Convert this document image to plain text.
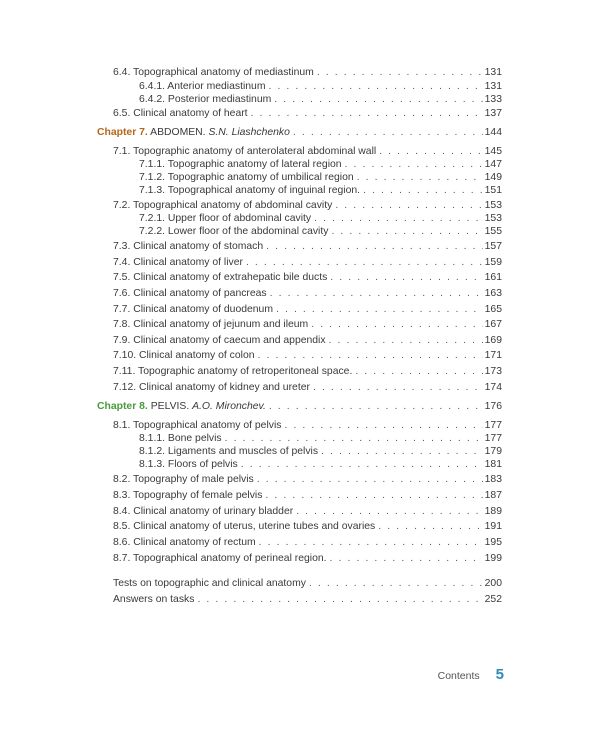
6.4. Topographical anatomy of mediastinum . . .	131
6.4.1. Anterior mediastinum . . .	131
6.4.2. Posterior mediastinum . . .	133
6.5. Clinical anatomy of heart . . .	137
Chapter 7. ABDOMEN. S.N. Liashchenko . . .	144
7.1. Topographic anatomy of anterolateral abdominal wall . . .	145
7.1.1. Topographic anatomy of lateral region . . .	147
7.1.2. Topographic anatomy of umbilical region . . .	149
7.1.3. Topographical anatomy of inguinal region. . . .	151
7.2. Topographical anatomy of abdominal cavity . . .	153
7.2.1. Upper floor of abdominal cavity . . .	153
7.2.2. Lower floor of the abdominal cavity . . .	155
7.3. Clinical anatomy of stomach . . .	157
7.4. Clinical anatomy of liver . . .	159
7.5. Clinical anatomy of extrahepatic bile ducts . . .	161
7.6. Clinical anatomy of pancreas . . .	163
7.7. Clinical anatomy of duodenum . . .	165
7.8. Clinical anatomy of jejunum and ileum . . .	167
7.9. Clinical anatomy of caecum and appendix . . .	169
7.10. Clinical anatomy of colon . . .	171
7.11. Topographic anatomy of retroperitoneal space. . . .	173
7.12. Clinical anatomy of kidney and ureter . . .	174
Chapter 8. PELVIS. A.O. Mironchev. . . .	176
8.1. Topographical anatomy of pelvis . . .	177
8.1.1. Bone pelvis . . .	177
8.1.2. Ligaments and muscles of pelvis . . .	179
8.1.3. Floors of pelvis . . .	181
8.2. Topography of male pelvis . . .	183
8.3. Topography of female pelvis . . .	187
8.4. Clinical anatomy of urinary bladder . . .	189
8.5. Clinical anatomy of uterus, uterine tubes and ovaries . . .	191
8.6. Clinical anatomy of rectum . . .	195
8.7. Topographical anatomy of perineal region. . . .	199
Tests on topographic and clinical anatomy . . .	200
Answers on tasks . . .	252
Contents 5
